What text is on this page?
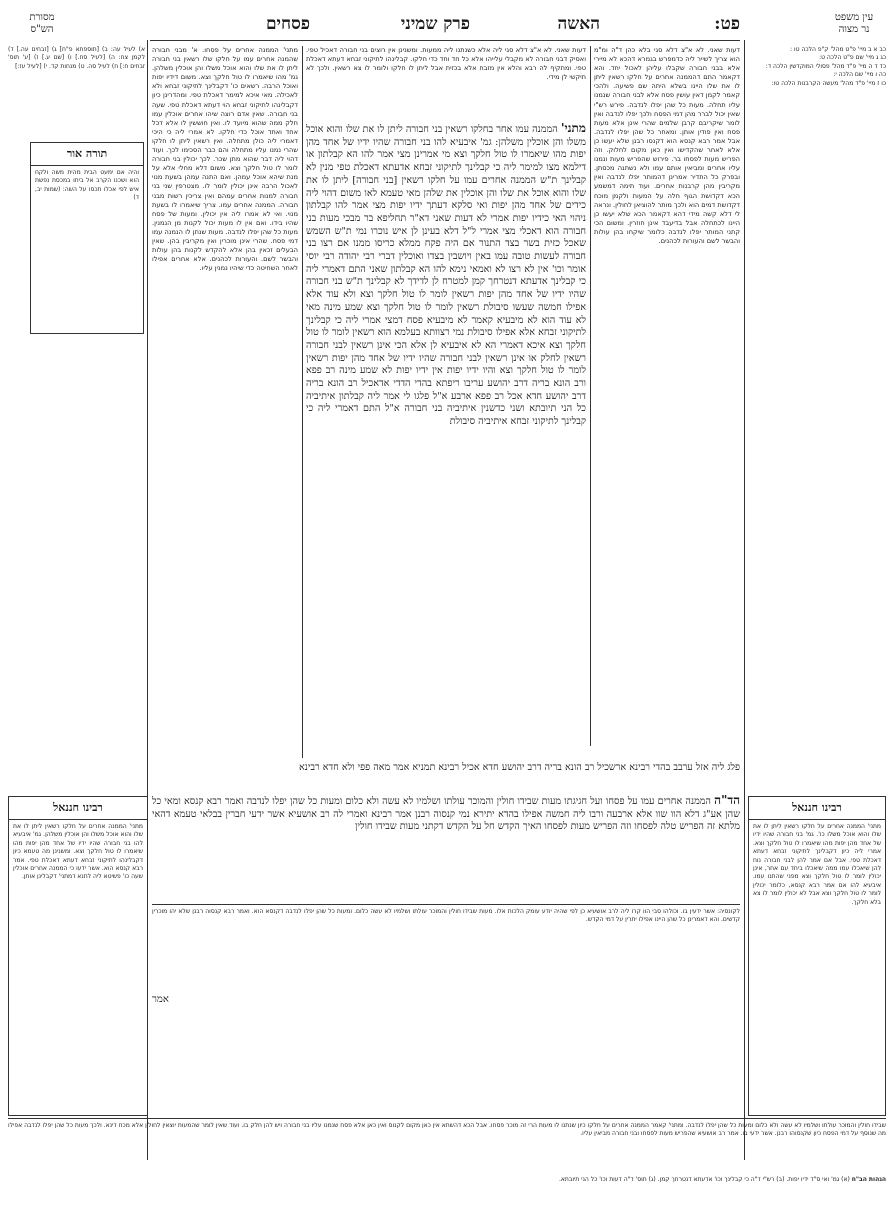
עין משפט
נר מצוה
מסורת
הש"ס	פט:
האשה
פרק שמיני
פסחים
כב א ב מיי' פ"ט מהל' ק"פ הלכה טו :
כג ג מיי' שם פ"ט הלכה ט:
כד ד ה מיי' פ"ד מהל' פסולי המוקדשין הלכה ד:
כה ו מיי' שם הלכה י:
כו ז מיי' פ"ד מהל' מעשה הקרבנות הלכה טו:
א) לעיל עה: ב) [תוספתא פ"ח] ג) [זבחים עה.] ד) לקמן צח: ה) [לעיל סח.] ו) [שם ע.] ז) [ע' תוס' זבחים ח:] ח) לעיל סה. ט) מנחות קד. י) [לעיל עז:]
תורה אור
והיה אם ימעט הבית מהית משה ולקח הוא ושכנו הקרב אל ביתו במכסת נפשת איש לפי אכלו תכסו על השה: (שמות יב, ד)
דעות שאני. לא א"צ דלא סגי בלא כהן ד"ה ומ"מ הוא צריך לשייר ליה כדמפרש בגמרא דהכא לא מיירי אלא בבני חבורה שקבלו עליהן לאכול יחד. והא דקאמר התם דהממנה אחרים על חלקו רשאין ליתן לו את שלו היינו בשלא היתה שם פשיעה. ולהכי קאמר לקמן דאין עושין פסח אלא לבני חבורה שנמנו עליו תחלה. מעות כל שהן יפלו לנדבה. פירש רש"י שאין יכול לברר מהן דמי הפסח ולכך יפלו לנדבה ואין לומר שיקריבם קרבן שלמים שהרי אינן אלא מעות פסח ואין פודין אותן. ומאחר כל שהן יפלו לנדבה. אבל אמר רבא קנסא הוא דקנסו רבנן שלא יעשו כן אלא לאחר שהקדישו ואין כאן מקום לחלוק. וזה הפריש מעות לפסחו בר. פירוש שהפריש מעות ונמנו עליו אחרים ומביאין אותם עמו ולא נשתנה מכסתן. ובפרק כל התדיר אמרינן דהמותר יפלו לנדבה ואין מקריבין מהן קרבנות אחרים. ועוד תימה דמשמע הכא דקדושת הגוף חלה על המעות ולקמן מוכח דקדושת דמים הוא ולכך מותר להוציאן לחולין. ונראה לי דלא קשה מידי דהא דקאמר הכא שלא יעשו כן היינו לכתחלה אבל בדיעבד אינן חוזרין. ומשום הכי קתני המותר יפלו לנדבה כלומר שיקחו בהן עולות והבשר לשם והעורות לכהנים.
מתני' הממנה אחרים על פסחו. א' מבני חבורה שהמנה אחרים עמו על חלקו שלו רשאין בני חבורה ליתן לו את שלו והוא אוכל משלו והן אוכלין משלהן. גמ' מהו שיאמרו לו טול חלקך וצא. משום דידיו יפות ואוכל הרבה. רשאים כו' דקבלינך לתיקוני זבחא ולא לאכילה. מאי איכא למימר דאכלת טפי. ומהדרינן כיון דקבלינהו לתיקוני זבחא הוי דעתא דאכלת טפי. שעה בני חבורה. שאין אדם רוצה שיהו אחרים אוכלין עמו חלק ממה שהוא מיועד לו. ואין חוששין לו אלא דכל אחד ואחד אוכל כדי חלקו. לא אמרי ליה כי היכי דאמרי ליה כולן מתחלה. ואין רשאין ליתן לו חלקו שהרי נמנו עליו מתחלה והם כבר הסכימו לכך. ועוד דהוי ליה דבר שהוא מתן שכר. לכך יכולין בני חבורה לומר לו טול חלקך וצא. משום דלא מחלי אלא על מנת שיהא אוכל עמהן. ואם התנה עמהן בשעת מנוי לאכול הרבה אינן יכולין לומר לו. מצטרפין שני בני חבורה למנות אחרים עמהם ואין צריכין רשות מבני חבורה. הממנה אחרים עמו. צריך שיאמרו לו בשעת מנוי. ואי לא אמרו ליה אין יכולין. ומעות של פסח שהיו בידו. ואם אין לו מעות יכול לקנות מן הנמנין. מעות כל שהן יפלו לנדבה. מעות שנתן לו הנמנה עמו דמי פסח. שהרי אינן מוכרין ואין מקריבין בהן. שאין הבעלים זכאין בהן אלא להקדש לקנות בהן עולות והבשר לשם. והעורות לכהנים. אלא אחרים אפילו לאחר השחיטה כדי שיהיו נמנין עליו.
דעות שאני. לא א"צ דלא סגי ליה אלא כשנתנו ליה ממעות. ומשנינן אין רוצים בני חבורה דאכיל טפי. ואסיק דבני חבורה לא מקבלי עלייהו אלא כל חד וחד כדי חלקו. קבלינהו לתיקוני זבחא דעתא דאכלת טפי. ומתקיף לה רבא והלא אין מזבח אלא בכזית אבל ליתן לו חלקו ולומר לו צא רשאין. ולכך לא תיקשי לן מידי.
מתני' הממנה עמו אחר בחלקו רשאין בני חבורה ליתן לו את שלו והוא אוכל משלו והן אוכלין משלהן: גמ' איבעיא להו בני חבורה שהיו ידיו של אחד מהן יפות מהו שיאמרו לו טול חלקך וצא מי אמרינן מצי אמר להו הא קבלתון או דילמא מצו למימר ליה כי קבלינך לתיקוני זבחא אדעתא דאכלת טפי מנין לא קבלינך ת"ש הממנה אחרים עמו על חלקו רשאין [בני חבורה] ליתן לו את שלו והוא אוכל את שלו והן אוכלין את שלהן מאי טעמא לאו משום דהוי ליה כידים של אחד מהן יפות ואי סלקא דעתך ידיו יפות מצי אמר להו קבלתון ניהוי האי כידיו יפות אמרי לא דעות שאני דא"ר תחליפא בר מבכי מעות בני חבורה הוא דאכלי מצי אמרי ל"ל דלא בעינן לן איש נוכרו נמי ת"ש השמש שאכל כזית בשר בצד התנור אם היה פקח ממלא כריסו ממנו אם רצו בני חבורה לעשות טובה עמו באין ויושבין בצדו ואוכלין דברי רבי יהודה רבי יוסי אומר וכו' אין לא רצו לא ואמאי נימא להו הא קבלתון שאני התם דאמרי ליה כי קבלינך אדעתא דנטרחך קמן למטרח לן לדידך לא קבלינך ת"ש בני חבורה שהיו ידיו של אחד מהן יפות רשאין לומר לו טול חלקך וצא ולא עוד אלא אפילו חמשה שעשו סיבולת רשאין לומר לו טול חלקך וצא שמע מינה מאי לא עוד הוא לא מיבעיא קאמר לא מיבעיא פסח דמצי אמרי ליה כי קבלינך לתיקוני זבחא אלא אפילו סיבולת נמי רצוותא בעלמא הוא רשאין לומר לו טול חלקך וצא איכא דאמרי הא לא איבעיא לן אלא הכי אינן רשאין לבני חבורה רשאין לחלק או אינן רשאין לבני חבורה שהיו ידיו של אחד מהן יפות רשאין לומר לו טול חלקך וצא והיו ידיו יפות אין ידיו יפות לא שמע מינה רב פפא ורב הונא בריה דרב יהושע עריבו ריפתא בהדי הדדי אדאכיל רב הונא בריה דרב יהושע חדא אכל רב פפא ארבע א"ל פלגו לי אמר ליה קבלתון איתיביה כל הני תיובתא ושני כדשנין איתיביה בני חבורה א"ל התם דאמרי ליה כי קבלינך לתיקוני זבחא איתיביה סיבולת
פלג ליה אזל ערבב בהדי רבינא ארשכיל רב הונא בריה דרב יהושע חדא אכיל רבינא תמניא אמר מאה פפי ולא חדא רבינא
הד"ה הממנה אחרים עמו על פסחו ועל חגיגתו מעות שבידו חולין והמוכר עולתו ושלמיו לא עשה ולא כלום ומעות כל שהן יפלו לנדבה ואמר רבא קנסא ומאי כל שהן אע"ג דלא הוו שוו אלא ארבעה ורבו ליה חמשה אפילו בהדא יתירא נמי קנסוה רבנן אמר רבינא ואמרי לה רב אושעיא אשר ידעי חברין בבלאי טעמא דהאי מלתא זה הפריש טלה לפסחו וזה הפריש מעות לפסחו האיך הקדש חל על הקדש דקתני מעות שבידו חולין
רבינו חננאל
מתני' הממנה אחרים על חלקו רשאין ליתן לו את שלו והוא אוכל משלו כו'. גמ' בני חבורה שהיו ידיו של אחד מהן יפות מהו שיאמרו לו טול חלקך וצא. אמרי ליה כיון דקבלינך לתיקוני זבחא דעתא דאכלת טפי. אבל אם אמר להן לבני חבורה נוח להן שיאכלו עמו ממה שיאכלו ביחד עם אחר, אינן יכולין לומר לו טול חלקך וצא מפני שהתנו עמו. איבעיא להו אם אמר רבא קנסא, כלומר יכולין לומר לו טול חלקך וצא אבל לא יכולין לומר לו צא בלא חלקך.
רבינו חננאל
מתני' הממנה אחרים על חלקו רשאין ליתן לו את שלו והוא אוכל משלו והן אוכלין משלהן. גמ' איבעיא להו בני חבורה שהיו ידיו של אחד מהן יפות מהו שיאמרו לו טול חלקך וצא. ומשנינן מה טעמא כיון דקבלינהו לתיקוני זבחא דעתא דאכלת טפי. אמר רבא קנסא הוא. אשר ידעו כי הממנה אחרים אוכלין שעה כו' פשיטא ליה לתנא דמתני' דקבלינן אותן.
לקונסיה: אשר ידעין בו. וכולהו סבי הוו קרו ליה לרב אושעיא כן לפי שהיה יודע עומק הלכות אלו. מעות שבידו חולין והמוכר עולתו ושלמיו לא עשה כלום. ומעות כל שהן יפלו לנדבה דקנסא הוא. ואמר רבא קנסוה רבנן שלא יהו מוכרין קדשים. והא דאמרינן כל שהן היינו אפילו יתרין על דמי הקדש.
אמר
שבידו חולין והמוכר עולתו ושלמיו לא עשה ולא כלום ומעות כל שהן יפלו לנדבה. ומתני' קאמר הממנה אחרים על חלקו כיון שנתנו לו מעות הרי זה מוכר פסחו. אבל הכא דהשתא אין כאן מקום לקנוס ואין כאן אלא פסח שנמנו עליו בני חבורה ויש להן חלק בו. ועוד שאין לומר שהמעות יוצאין לחולין אלא מכח דינא. ולכך מעות כל שהן יפלו לנדבה אפילו מה שנוסף על דמי הפסח כיון שקנסוהו רבנן. אשר ידעי בו. אמר רב אושעיא שהפריש מעות לפסחו ובני חבורה מביאין עליו.
הגהות הב"ח (א) גמ' ואי ס"ד ידיו יפות. (ב) רש"י ד"ה כי קבלינך וכו' אדעתא דנטרחך קמן. (ג) תוס' ד"ה דעות וכו' כל הני תיובתא.
